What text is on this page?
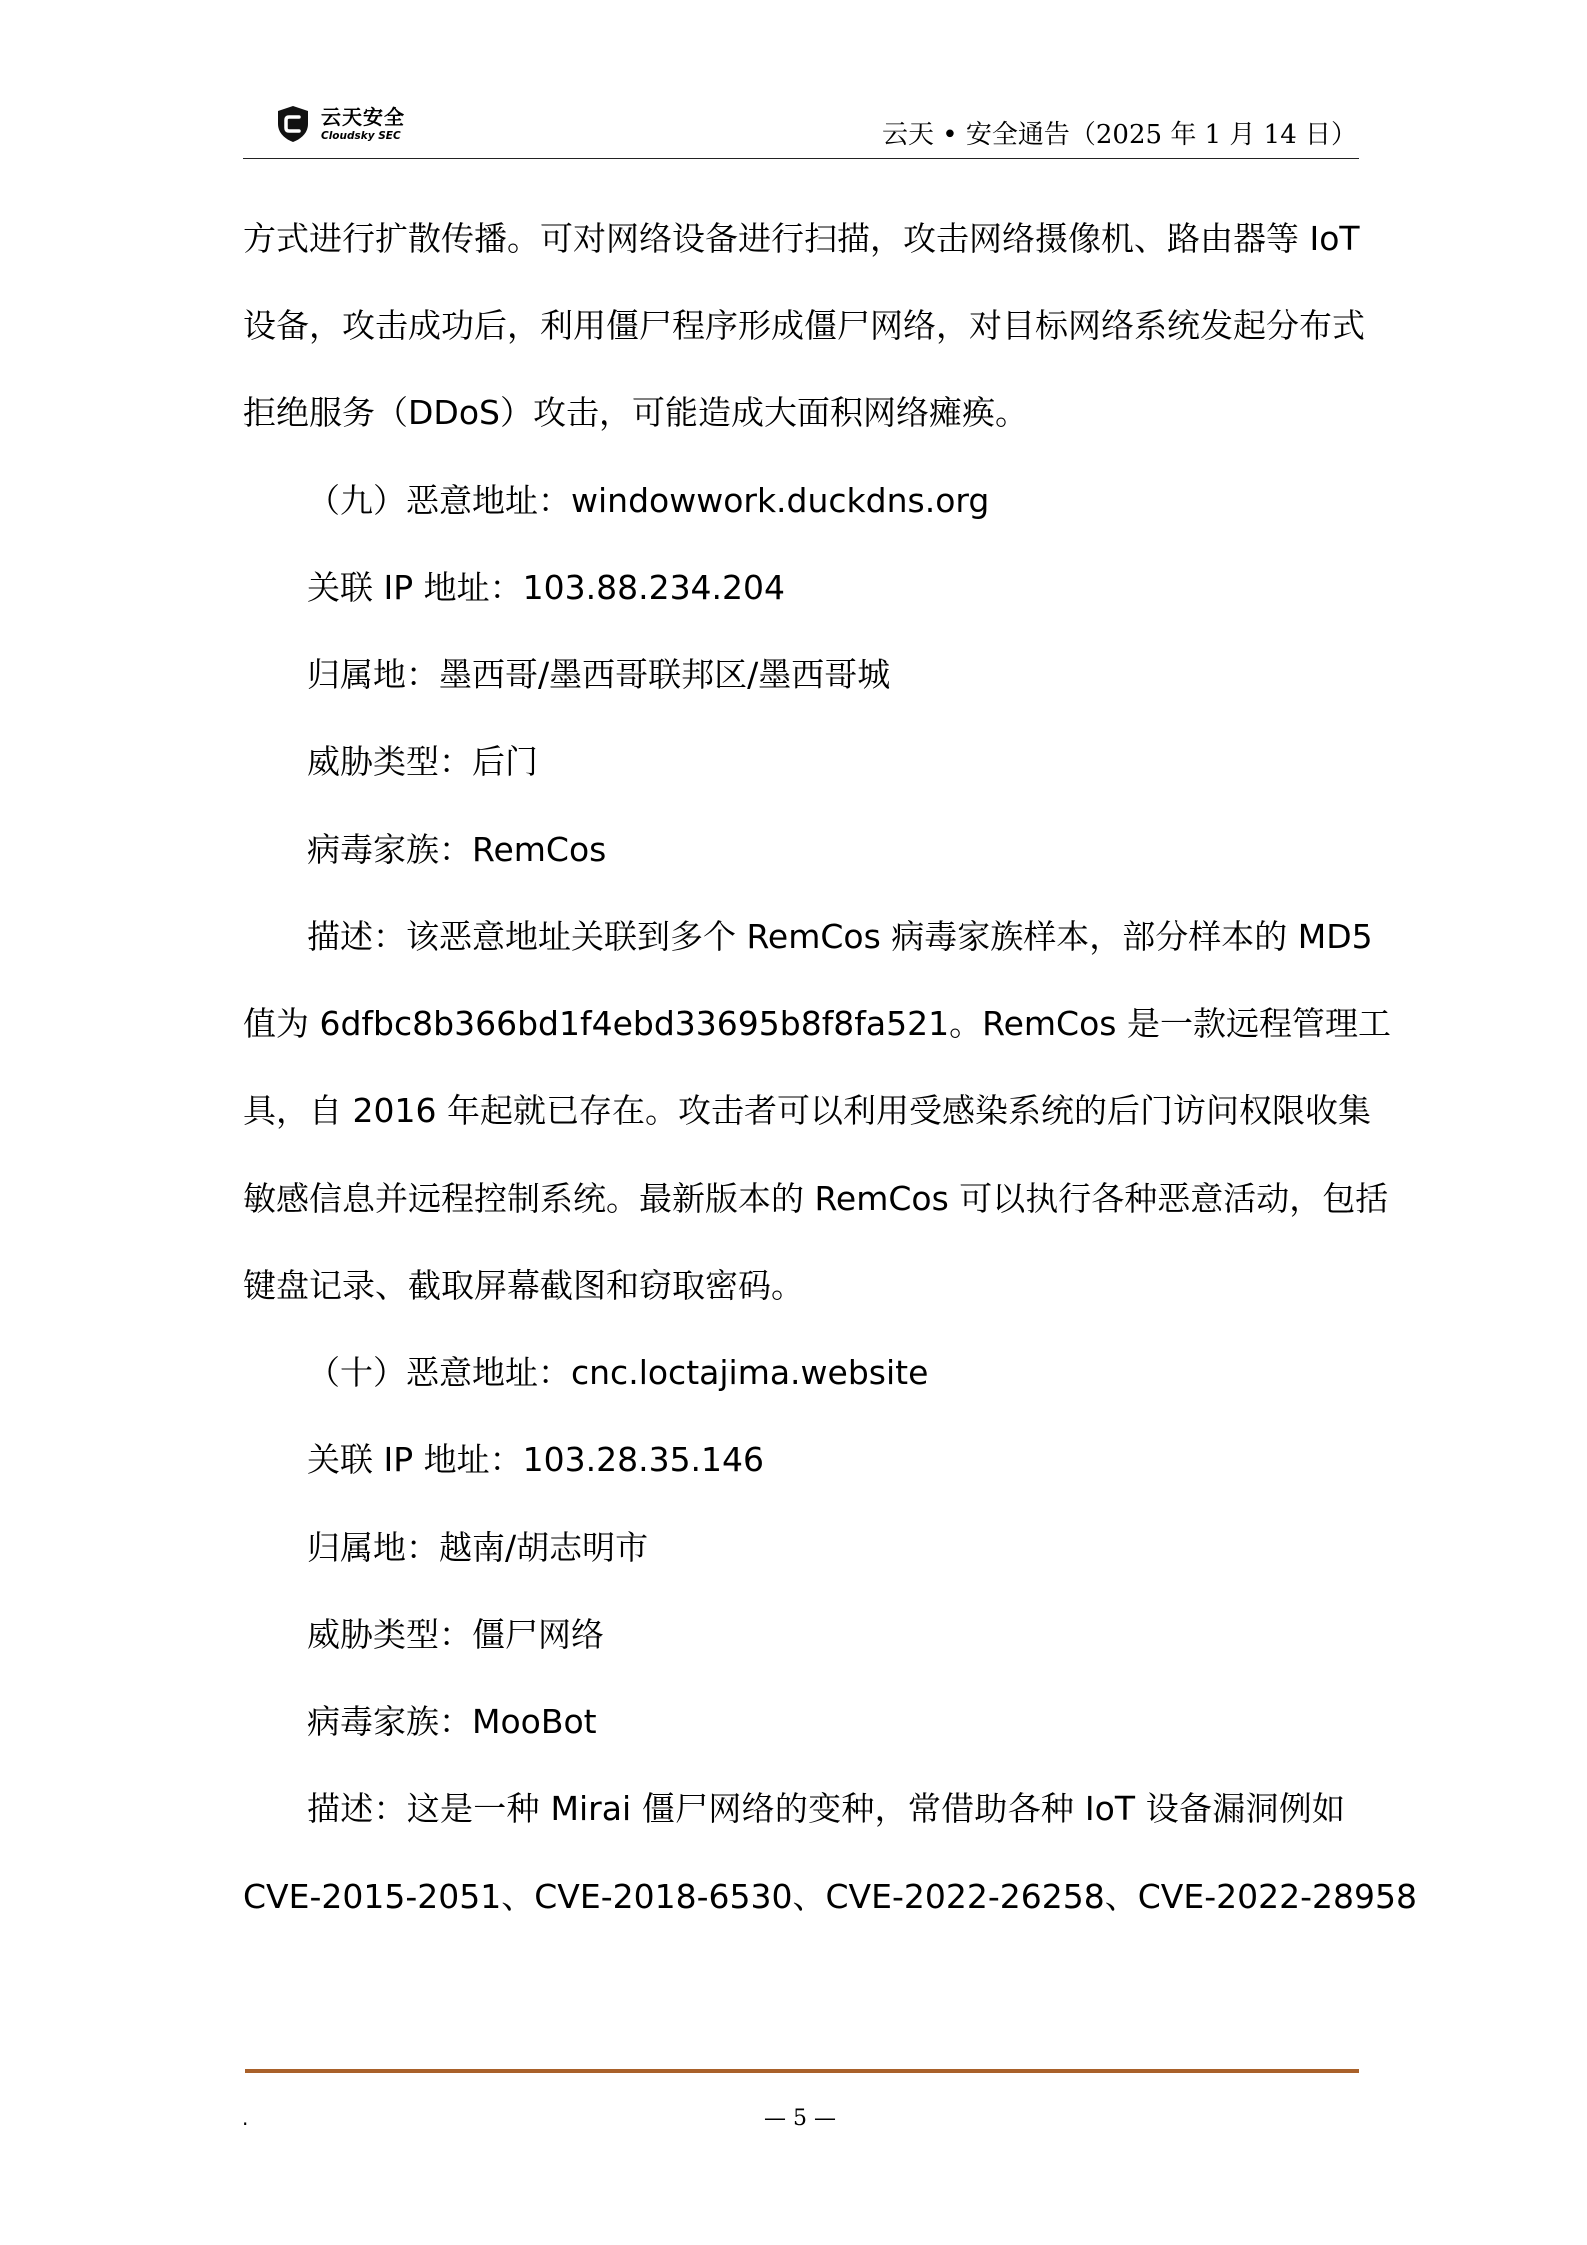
云天安全
Cloudsky SEC	云天 • 安全通告（2025 年 1 月 14 日）
方式进行扩散传播。可对网络设备进行扫描，攻击网络摄像机、路由器等 IoT
设备，攻击成功后，利用僵尸程序形成僵尸网络，对目标网络系统发起分布式
拒绝服务（DDoS）攻击，可能造成大面积网络瘫痪。
（九）恶意地址：windowwork.duckdns.org
关联 IP 地址：103.88.234.204
归属地：墨西哥/墨西哥联邦区/墨西哥城
威胁类型：后门
病毒家族：RemCos
描述：该恶意地址关联到多个 RemCos 病毒家族样本，部分样本的 MD5
值为 6dfbc8b366bd1f4ebd33695b8f8fa521。RemCos 是一款远程管理工
具，自 2016 年起就已存在。攻击者可以利用受感染系统的后门访问权限收集
敏感信息并远程控制系统。最新版本的 RemCos 可以执行各种恶意活动，包括
键盘记录、截取屏幕截图和窃取密码。
（十）恶意地址：cnc.loctajima.website
关联 IP 地址：103.28.35.146
归属地：越南/胡志明市
威胁类型：僵尸网络
病毒家族：MooBot
描述：这是一种 Mirai 僵尸网络的变种，常借助各种 IoT 设备漏洞例如
CVE-2015-2051、CVE-2018-6530、CVE-2022-26258、CVE-2022-28958
.	— 5 —
